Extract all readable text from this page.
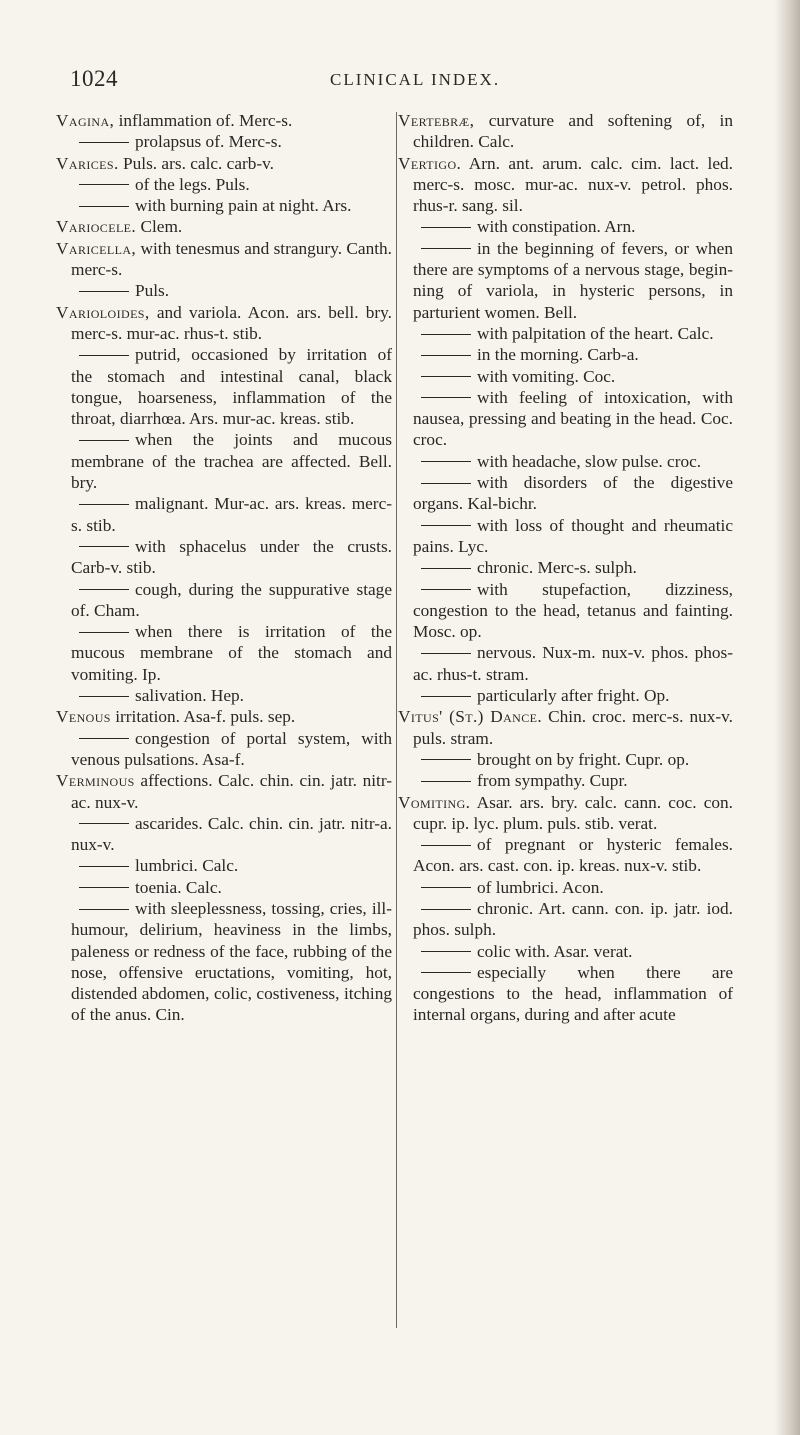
1024	CLINICAL INDEX.
Vagina, inflammation of. Merc-s.
prolapsus of. Merc-s.
Varices. Puls. ars. calc. carb-v.
of the legs. Puls.
with burning pain at night. Ars.
Variocele. Clem.
Varicella, with tenesmus and strangury. Canth. merc-s.
Puls.
Varioloides, and variola. Acon. ars. bell. bry. merc-s. mur-ac. rhus-t. stib.
putrid, occasioned by irritation of the stomach and intestinal canal, black tongue, hoarseness, inflammation of the throat, diarrhœa. Ars. mur-ac. kreas. stib.
when the joints and mucous membrane of the trachea are affected. Bell. bry.
malignant. Mur-ac. ars. kreas. merc-s. stib.
with sphacelus under the crusts. Carb-v. stib.
cough, during the suppurative stage of. Cham.
when there is irritation of the mucous membrane of the stomach and vomiting. Ip.
salivation. Hep.
Venous irritation. Asa-f. puls. sep.
congestion of portal system, with venous pulsations. Asa-f.
Verminous affections. Calc. chin. cin. jatr. nitr-ac. nux-v.
ascarides. Calc. chin. cin. jatr. nitr-a. nux-v.
lumbrici. Calc.
toenia. Calc.
with sleeplessness, tossing, cries, ill-humour, delirium, heaviness in the limbs, paleness or redness of the face, rubbing of the nose, offensive eructations, vomiting, hot, distended abdomen, colic, costiveness, itching of the anus. Cin.
Vertebræ, curvature and softening of, in children. Calc.
Vertigo. Arn. ant. arum. calc. cim. lact. led. merc-s. mosc. mur-ac. nux-v. petrol. phos. rhus-r. sang. sil.
with constipation. Arn.
in the beginning of fevers, or when there are symptoms of a nervous stage, beginning of variola, in hysteric persons, in parturient women. Bell.
with palpitation of the heart. Calc.
in the morning. Carb-a.
with vomiting. Coc.
with feeling of intoxication, with nausea, pressing and beating in the head. Coc. croc.
with headache, slow pulse. croc.
with disorders of the digestive organs. Kal-bichr.
with loss of thought and rheumatic pains. Lyc.
chronic. Merc-s. sulph.
with stupefaction, dizziness, congestion to the head, tetanus and fainting. Mosc. op.
nervous. Nux-m. nux-v. phos. phos-ac. rhus-t. stram.
particularly after fright. Op.
Vitus' (St.) Dance. Chin. croc. merc-s. nux-v. puls. stram.
brought on by fright. Cupr. op.
from sympathy. Cupr.
Vomiting. Asar. ars. bry. calc. cann. coc. con. cupr. ip. lyc. plum. puls. stib. verat.
of pregnant or hysteric females. Acon. ars. cast. con. ip. kreas. nux-v. stib.
of lumbrici. Acon.
chronic. Art. cann. con. ip. jatr. iod. phos. sulph.
colic with. Asar. verat.
especially when there are congestions to the head, inflammation of internal organs, during and after acute
